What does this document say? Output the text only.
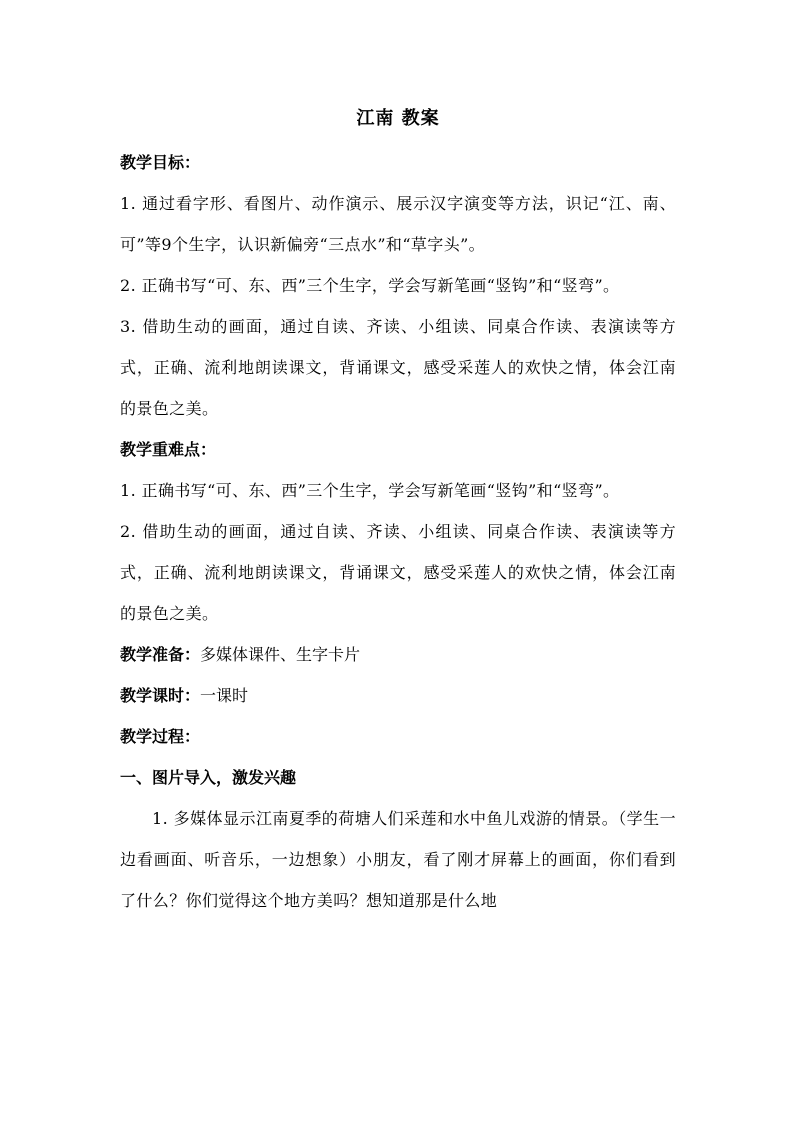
江南 教案

教学目标：

1. 通过看字形、看图片、动作演示、展示汉字演变等方法，识记“江、南、可”等9个生字，认识新偏旁“三点水”和“草字头”。

2. 正确书写“可、东、西”三个生字，学会写新笔画“竖钩”和“竖弯”。

3. 借助生动的画面，通过自读、齐读、小组读、同桌合作读、表演读等方式，正确、流利地朗读课文，背诵课文，感受采莲人的欢快之情，体会江南的景色之美。

教学重难点：

1. 正确书写“可、东、西”三个生字，学会写新笔画“竖钩”和“竖弯”。

2. 借助生动的画面，通过自读、齐读、小组读、同桌合作读、表演读等方式，正确、流利地朗读课文，背诵课文，感受采莲人的欢快之情，体会江南的景色之美。

教学准备：多媒体课件、生字卡片

教学课时：一课时

教学过程：

一、图片导入，激发兴趣

1. 多媒体显示江南夏季的荷塘人们采莲和水中鱼儿戏游的情景。（学生一边看画面、听音乐，一边想象）小朋友，看了刚才屏幕上的画面，你们看到了什么？你们觉得这个地方美吗？想知道那是什么地
